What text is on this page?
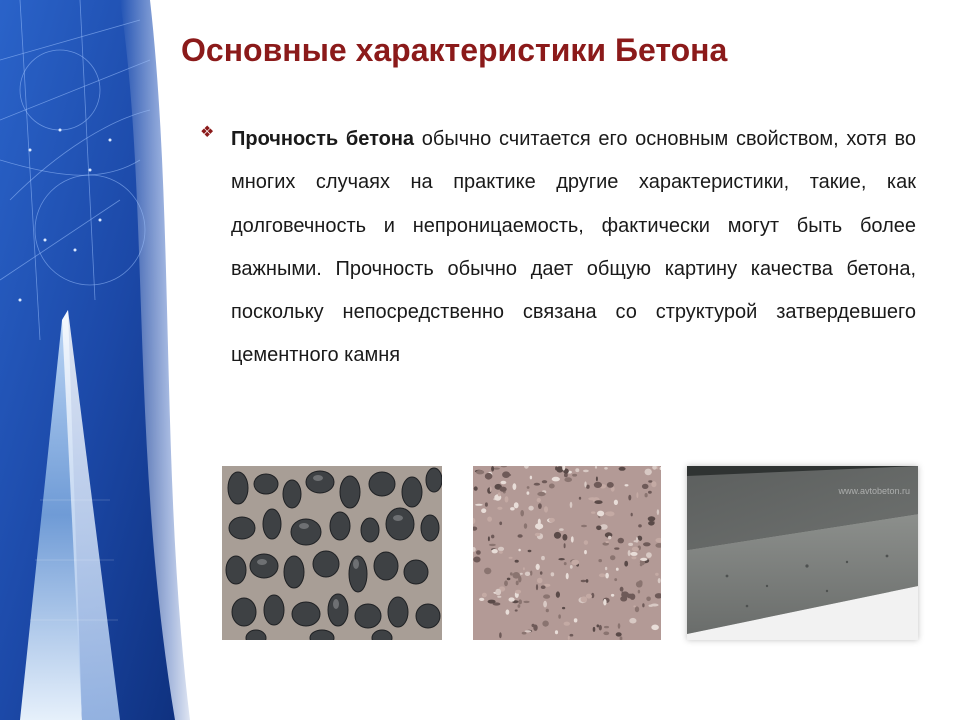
Основные характеристики Бетона
❖ Прочность бетона обычно считается его основным свойством, хотя во многих случаях на практике другие характеристики, такие, как долговечность и непроницаемость, фактически могут быть более важными. Прочность обычно дает общую картину качества бетона, поскольку непосредственно связана со структурой затвердевшего цементного камня
www.avtobeton.ru
